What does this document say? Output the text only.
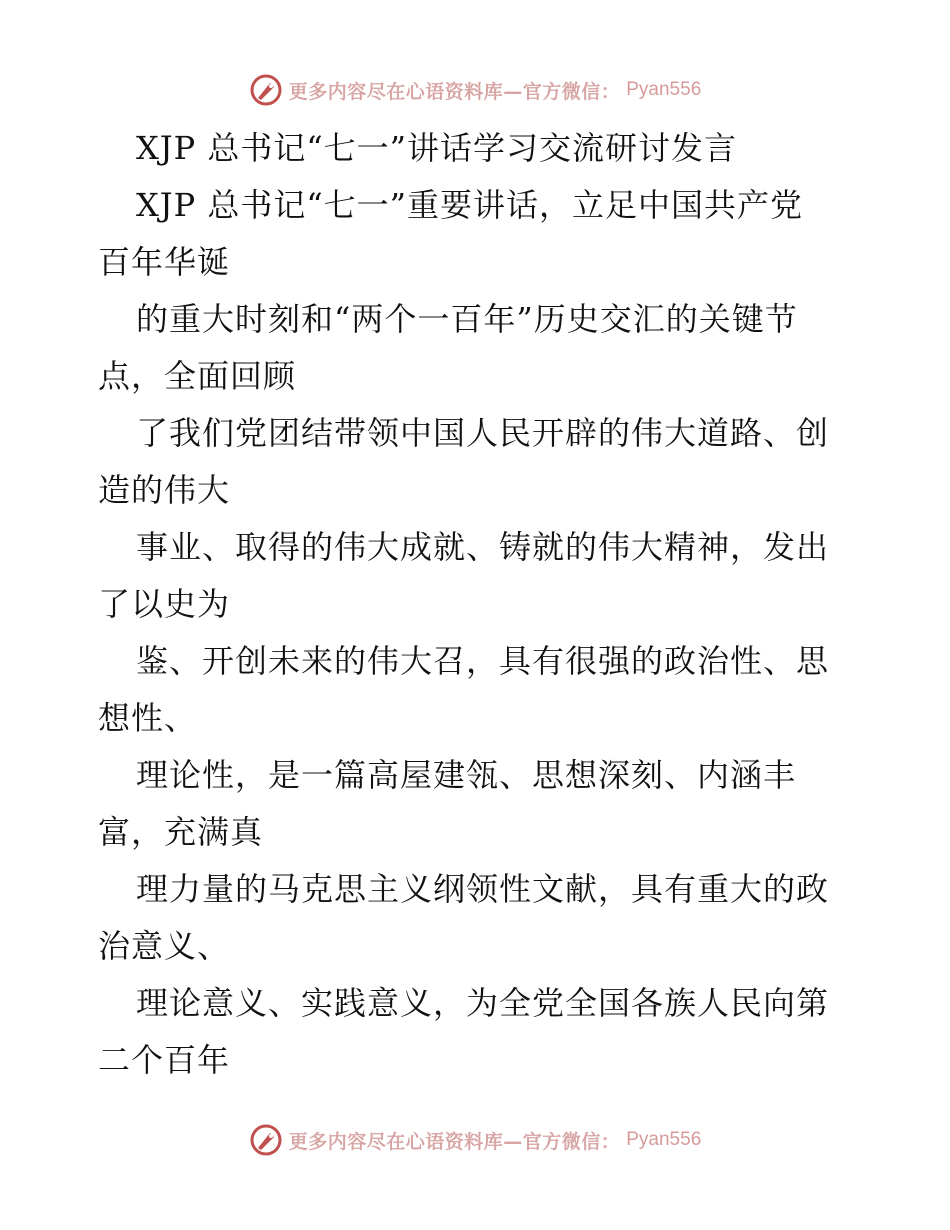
更多内容尽在心语资料库—官方微信： Pyan556
XJP 总书记“七一”讲话学习交流研讨发言
XJP 总书记“七一”重要讲话，立足中国共产党
百年华诞
的重大时刻和“两个一百年”历史交汇的关键节
点，全面回顾
了我们党团结带领中国人民开辟的伟大道路、创
造的伟大
事业、取得的伟大成就、铸就的伟大精神，发出
了以史为
鉴、开创未来的伟大召，具有很强的政治性、思
想性、
理论性，是一篇高屋建瓴、思想深刻、内涵丰
富，充满真
理力量的马克思主义纲领性文献，具有重大的政
治意义、
理论意义、实践意义，为全党全国各族人民向第
二个百年
更多内容尽在心语资料库—官方微信： Pyan556
